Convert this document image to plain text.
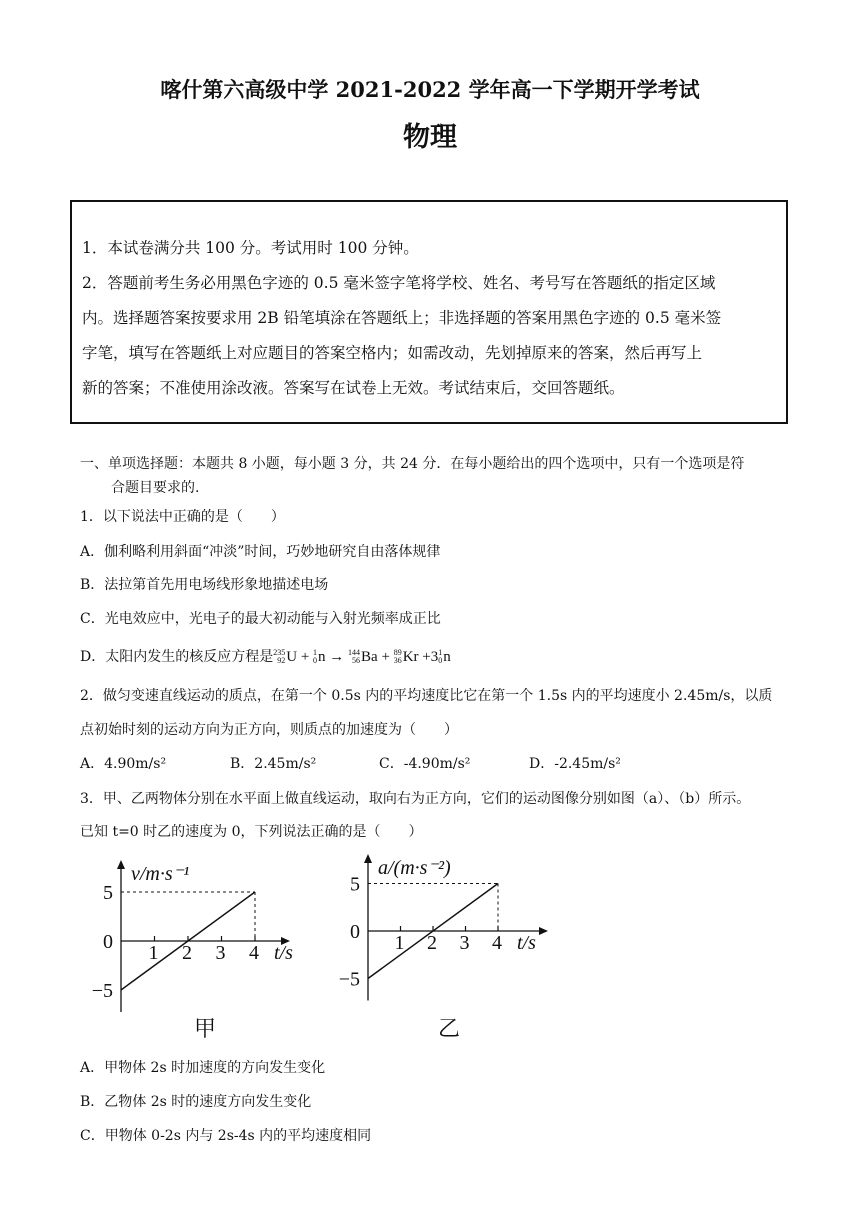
喀什第六高级中学 2021-2022 学年高一下学期开学考试
物理
1．本试卷满分共 100 分。考试用时 100 分钟。
2．答题前考生务必用黑色字迹的 0.5 毫米签字笔将学校、姓名、考号写在答题纸的指定区域
内。选择题答案按要求用 2B 铅笔填涂在答题纸上；非选择题的答案用黑色字迹的 0.5 毫米签
字笔，填写在答题纸上对应题目的答案空格内；如需改动，先划掉原来的答案，然后再写上
新的答案；不准使用涂改液。答案写在试卷上无效。考试结束后，交回答题纸。
一、单项选择题：本题共 8 小题，每小题 3 分，共 24 分．在每小题给出的四个选项中，只有一个选项是符
合题目要求的.
1．以下说法中正确的是（　　）
A．伽利略利用斜面“冲淡”时间，巧妙地研究自由落体规律
B．法拉第首先用电场线形象地描述电场
C．光电效应中，光电子的最大初动能与入射光频率成正比
D．太阳内发生的核反应方程是 235
92 U + 1
0 n → 144
56 Ba + 89
36 Kr +3 1
0 n
2．做匀变速直线运动的质点，在第一个 0.5s 内的平均速度比它在第一个 1.5s 内的平均速度小 2.45m/s，以质
点初始时刻的运动方向为正方向，则质点的加速度为（　　）
A．4.90m/s²	B．2.45m/s²	C．-4.90m/s²	D．-2.45m/s²
3．甲、乙两物体分别在水平面上做直线运动，取向右为正方向，它们的运动图像分别如图（a）、（b）所示。
已知 t=0 时乙的速度为 0，下列说法正确的是（　　）
1 2 3 4
5
0
−5
v/m·s⁻¹
t/s
甲
1 2 3 4
5
0
−5
a/(m·s⁻²)
t/s
乙
A．甲物体 2s 时加速度的方向发生变化
B．乙物体 2s 时的速度方向发生变化
C．甲物体 0-2s 内与 2s-4s 内的平均速度相同
